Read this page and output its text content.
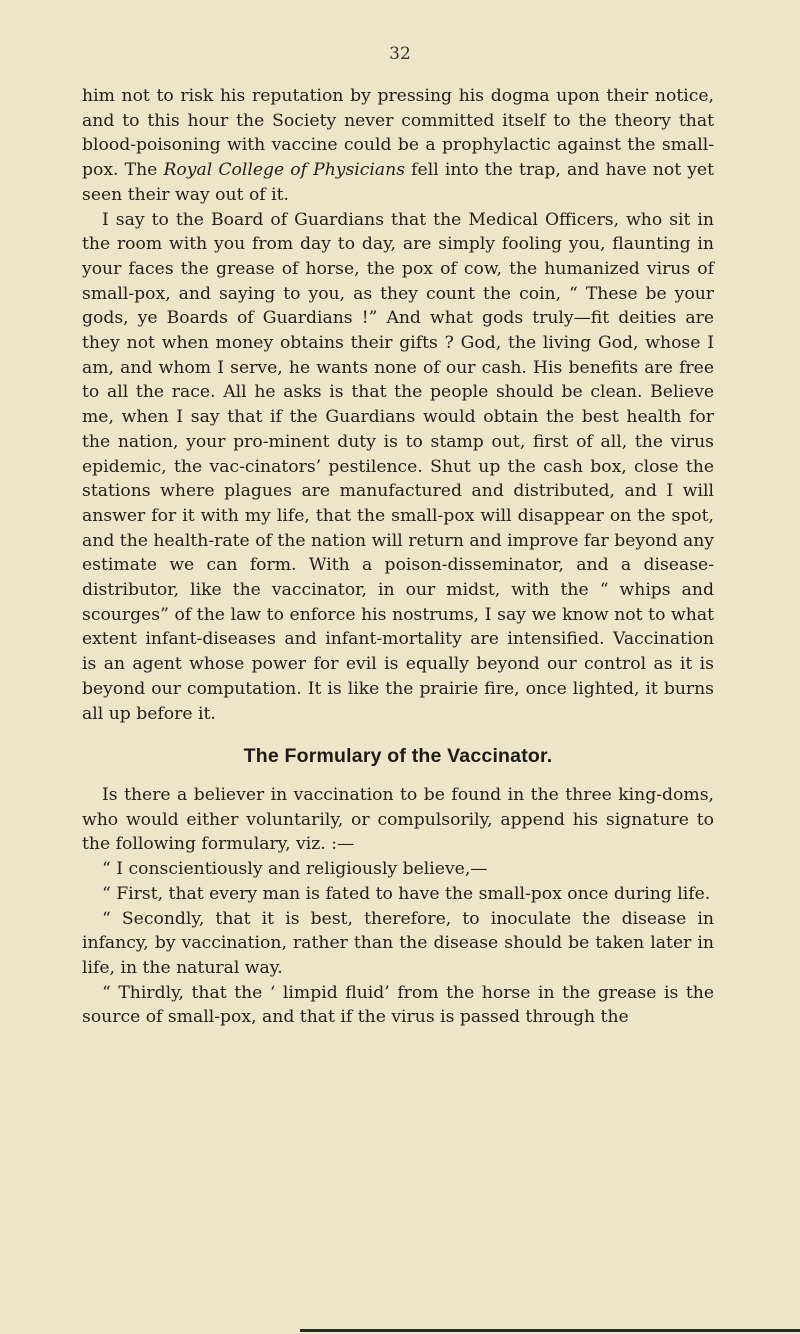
32

him not to risk his reputation by pressing his dogma upon their notice, and to this hour the Society never committed itself to the theory that blood-poisoning with vaccine could be a prophylactic against the small-pox. The Royal College of Physicians fell into the trap, and have not yet seen their way out of it.

I say to the Board of Guardians that the Medical Officers, who sit in the room with you from day to day, are simply fooling you, flaunting in your faces the grease of horse, the pox of cow, the humanized virus of small-pox, and saying to you, as they count the coin, “ These be your gods, ye Boards of Guardians !” And what gods truly—fit deities are they not when money obtains their gifts ? God, the living God, whose I am, and whom I serve, he wants none of our cash. His benefits are free to all the race. All he asks is that the people should be clean. Believe me, when I say that if the Guardians would obtain the best health for the nation, your pro-minent duty is to stamp out, first of all, the virus epidemic, the vac-cinators’ pestilence. Shut up the cash box, close the stations where plagues are manufactured and distributed, and I will answer for it with my life, that the small-pox will disappear on the spot, and the health-rate of the nation will return and improve far beyond any estimate we can form. With a poison-disseminator, and a disease-distributor, like the vaccinator, in our midst, with the “ whips and scourges” of the law to enforce his nostrums, I say we know not to what extent infant-diseases and infant-mortality are intensified. Vaccination is an agent whose power for evil is equally beyond our control as it is beyond our computation. It is like the prairie fire, once lighted, it burns all up before it.

The Formulary of the Vaccinator.

Is there a believer in vaccination to be found in the three king-doms, who would either voluntarily, or compulsorily, append his signature to the following formulary, viz. :—

“ I conscientiously and religiously believe,—

“ First, that every man is fated to have the small-pox once during life.

“ Secondly, that it is best, therefore, to inoculate the disease in infancy, by vaccination, rather than the disease should be taken later in life, in the natural way.

“ Thirdly, that the ‘ limpid fluid’ from the horse in the grease is the source of small-pox, and that if the virus is passed through the
